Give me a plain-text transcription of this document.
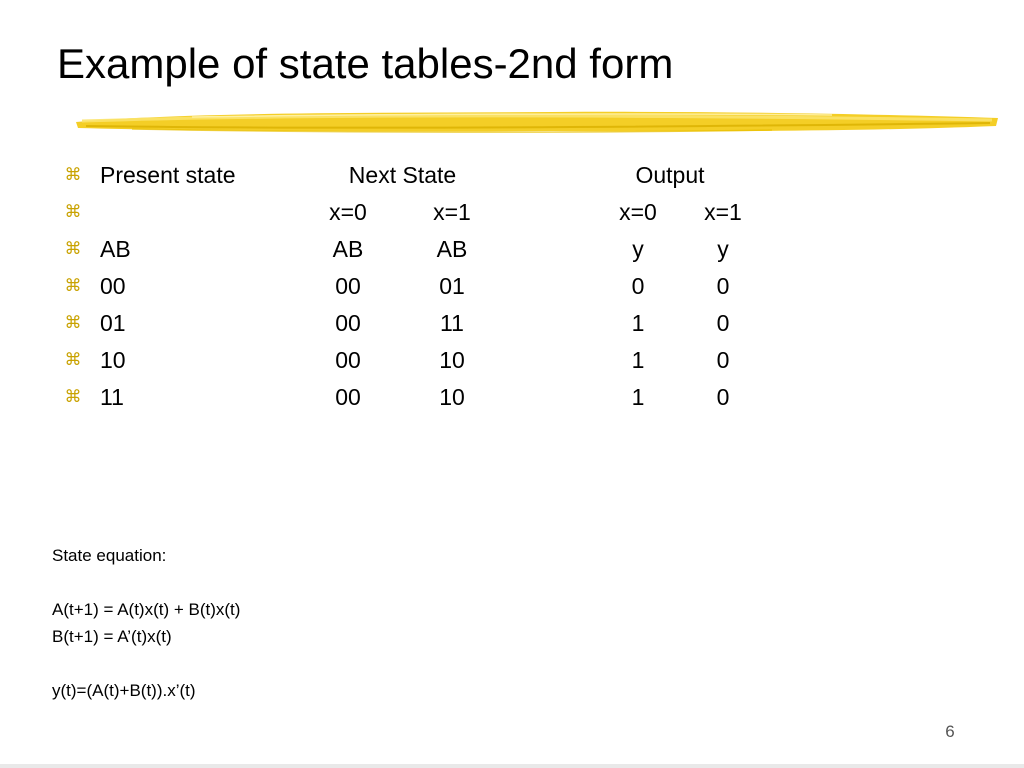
Example of state tables-2nd form
⌘ Present state	Next State	Output
⌘	x=0	x=1	x=0	x=1
⌘ AB	AB	AB	y	y
⌘ 00	00	01	0	0
⌘ 01	00	11	1	0
⌘ 10	00	10	1	0
⌘ 11	00	10	1	0
State equation:
A(t+1) = A(t)x(t) + B(t)x(t)
B(t+1) = A’(t)x(t)
y(t)=(A(t)+B(t)).x’(t)
6
